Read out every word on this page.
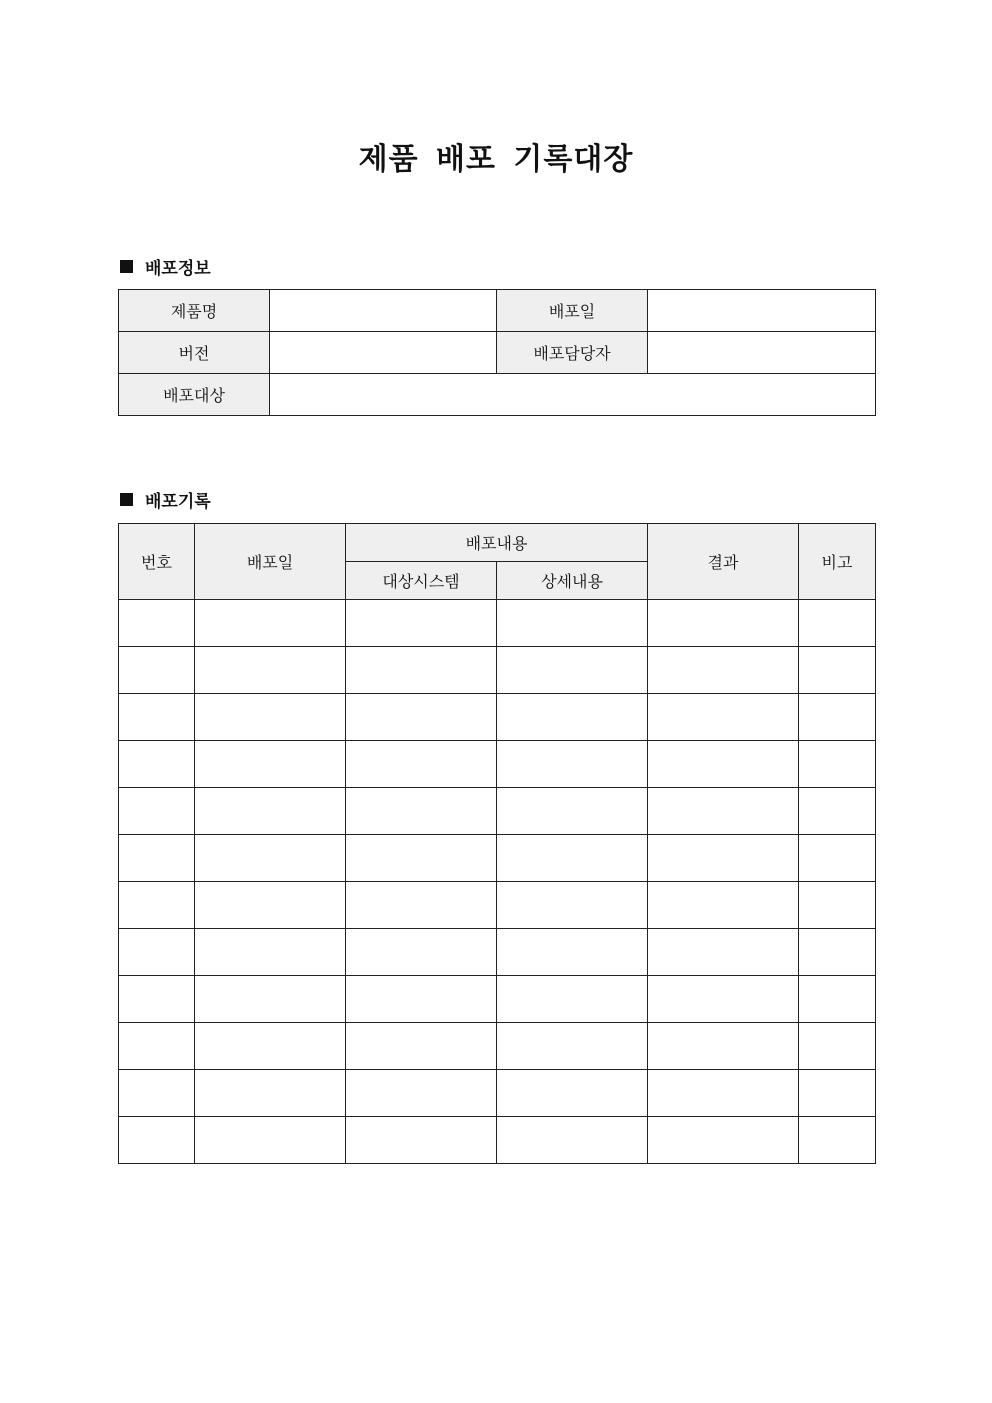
제품 배포 기록대장
배포정보
제품명		배포일	
버전		배포담당자	
배포대상			
배포기록
번호	배포일	배포내용		결과	비고
		대상시스템	상세내용		
